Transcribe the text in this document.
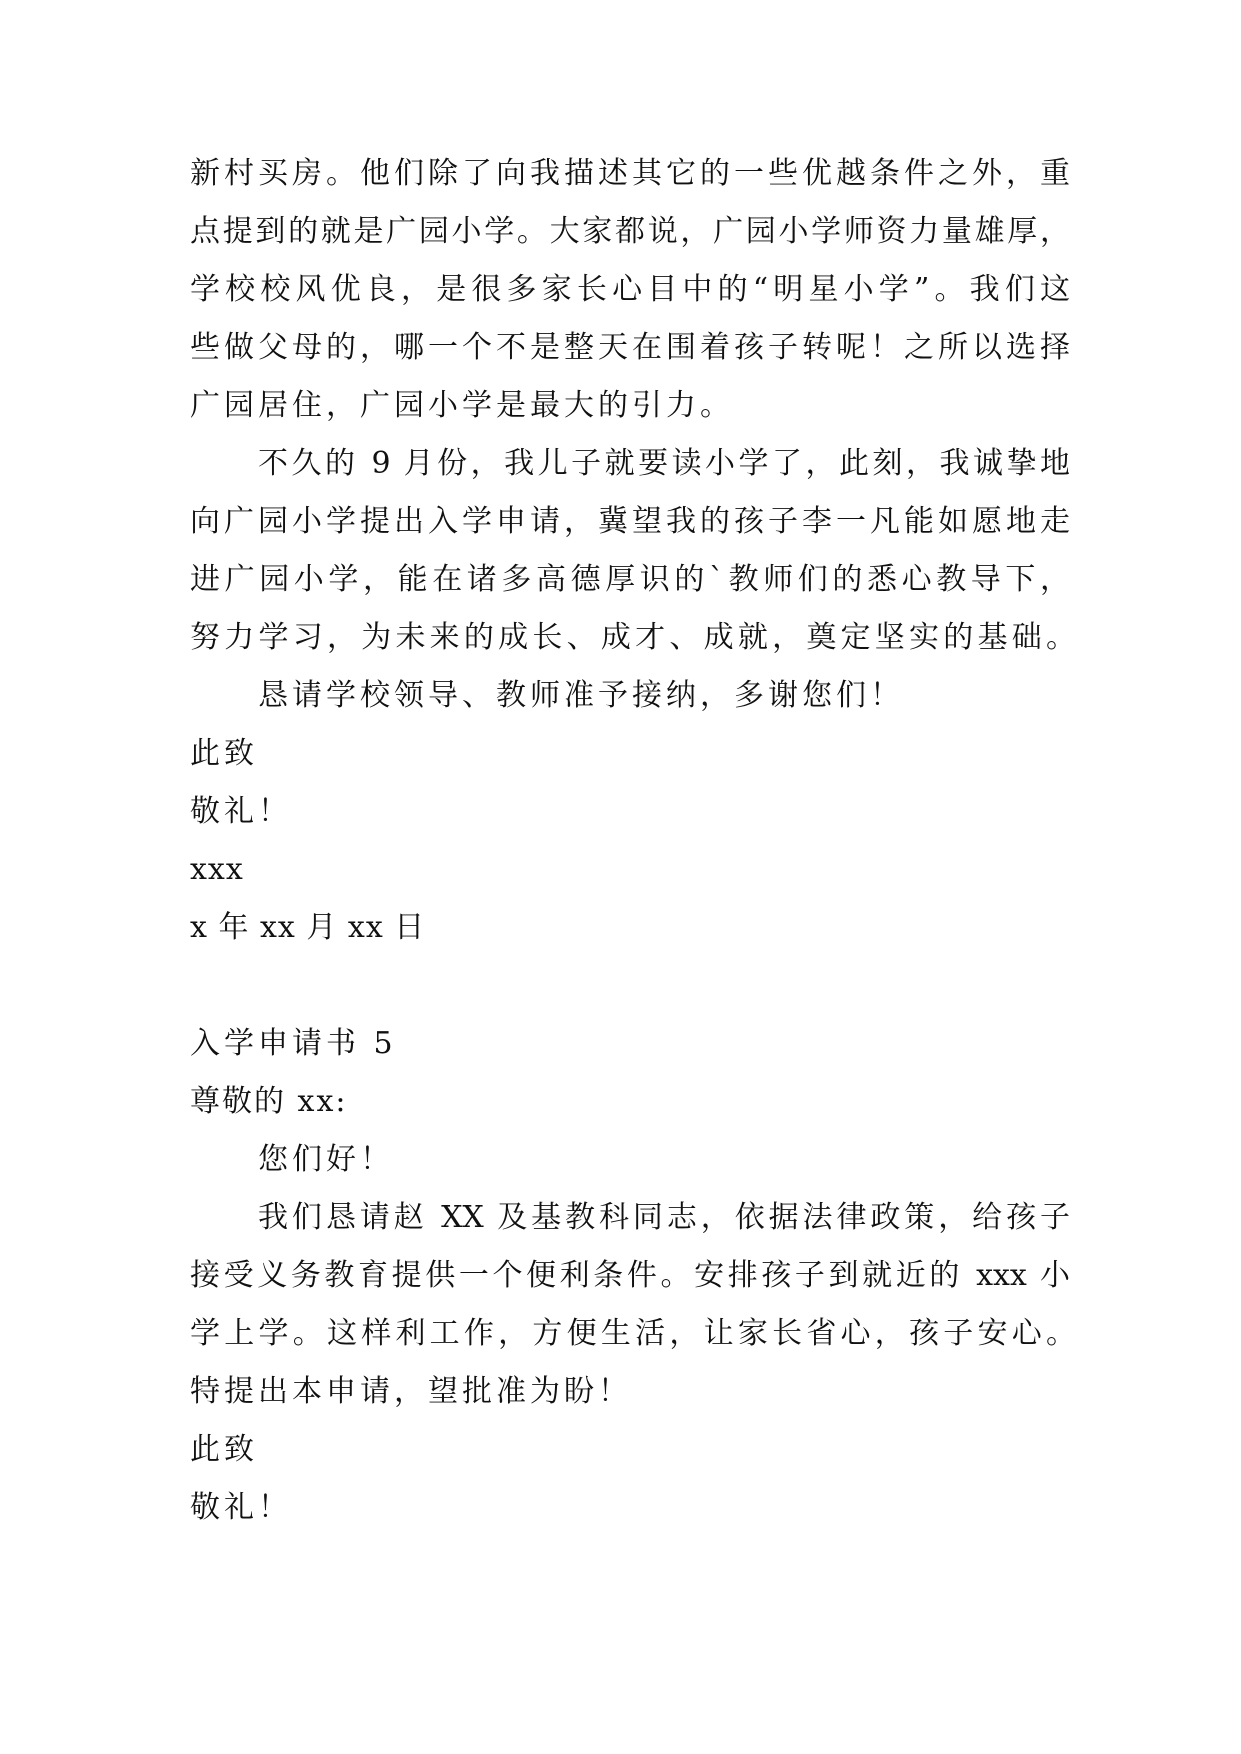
新村买房。他们除了向我描述其它的一些优越条件之外，重
点提到的就是广园小学。大家都说，广园小学师资力量雄厚，
学校校风优良，是很多家长心目中的“明星小学”。我们这
些做父母的，哪一个不是整天在围着孩子转呢！之所以选择
广园居住，广园小学是最大的引力。
不久的 9 月份，我儿子就要读小学了，此刻，我诚挚地
向广园小学提出入学申请，冀望我的孩子李一凡能如愿地走
进广园小学，能在诸多高德厚识的`教师们的悉心教导下，
努力学习，为未来的成长、成才、成就，奠定坚实的基础。
恳请学校领导、教师准予接纳，多谢您们！
此致
敬礼！
xxx
x 年 xx 月 xx 日
入学申请书 5
尊敬的 xx:
您们好！
我们恳请赵 XX 及基教科同志，依据法律政策，给孩子
接受义务教育提供一个便利条件。安排孩子到就近的 xxx 小
学上学。这样利工作，方便生活，让家长省心，孩子安心。
特提出本申请，望批准为盼！
此致
敬礼！
